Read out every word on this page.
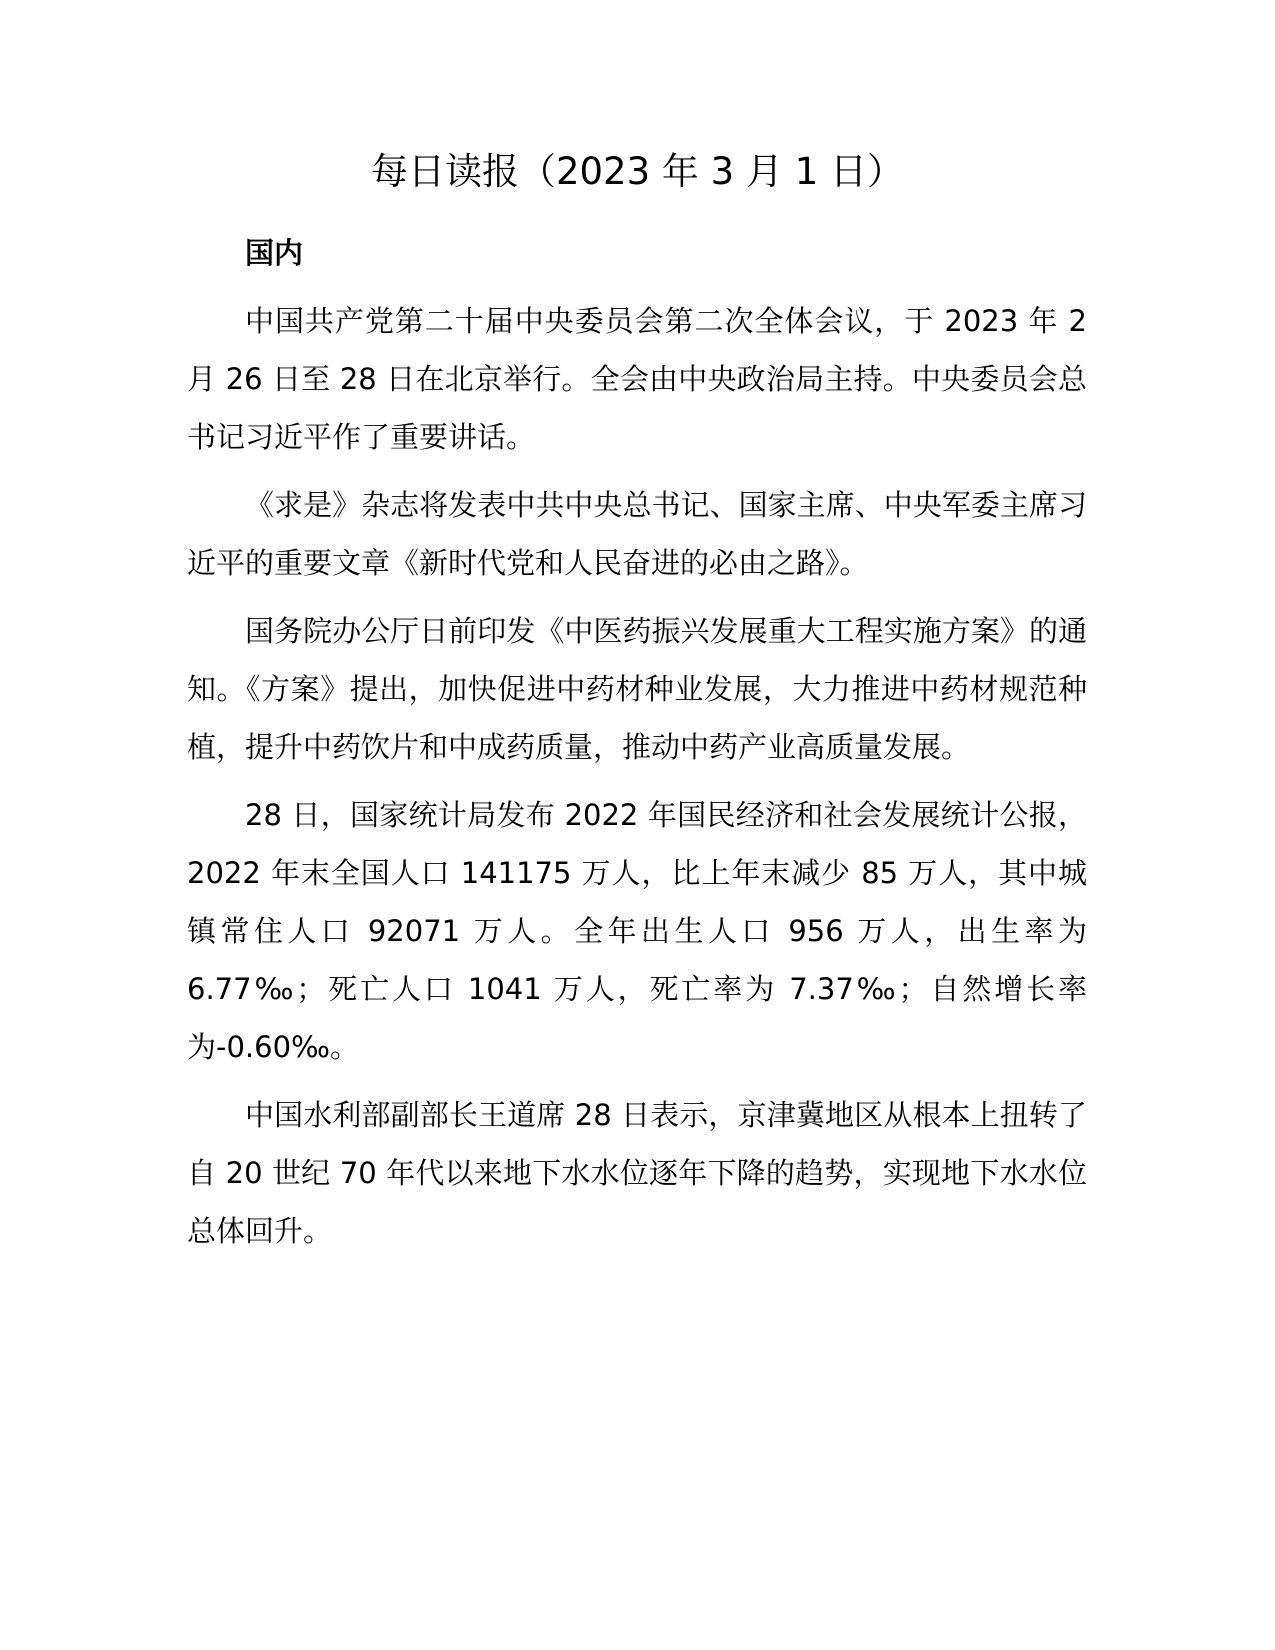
每日读报（2023 年 3 月 1 日）

国内

中国共产党第二十届中央委员会第二次全体会议，于 2023 年 2 月 26 日至 28 日在北京举行。全会由中央政治局主持。中央委员会总书记习近平作了重要讲话。

《求是》杂志将发表中共中央总书记、国家主席、中央军委主席习近平的重要文章《新时代党和人民奋进的必由之路》。

国务院办公厅日前印发《中医药振兴发展重大工程实施方案》的通知。《方案》提出，加快促进中药材种业发展，大力推进中药材规范种植，提升中药饮片和中成药质量，推动中药产业高质量发展。

28 日，国家统计局发布 2022 年国民经济和社会发展统计公报，2022 年末全国人口 141175 万人，比上年末减少 85 万人，其中城镇常住人口 92071 万人。全年出生人口 956 万人，出生率为 6.77‰；死亡人口 1041 万人，死亡率为 7.37‰；自然增长率为-0.60‰。

中国水利部副部长王道席 28 日表示，京津冀地区从根本上扭转了自 20 世纪 70 年代以来地下水水位逐年下降的趋势，实现地下水水位总体回升。
